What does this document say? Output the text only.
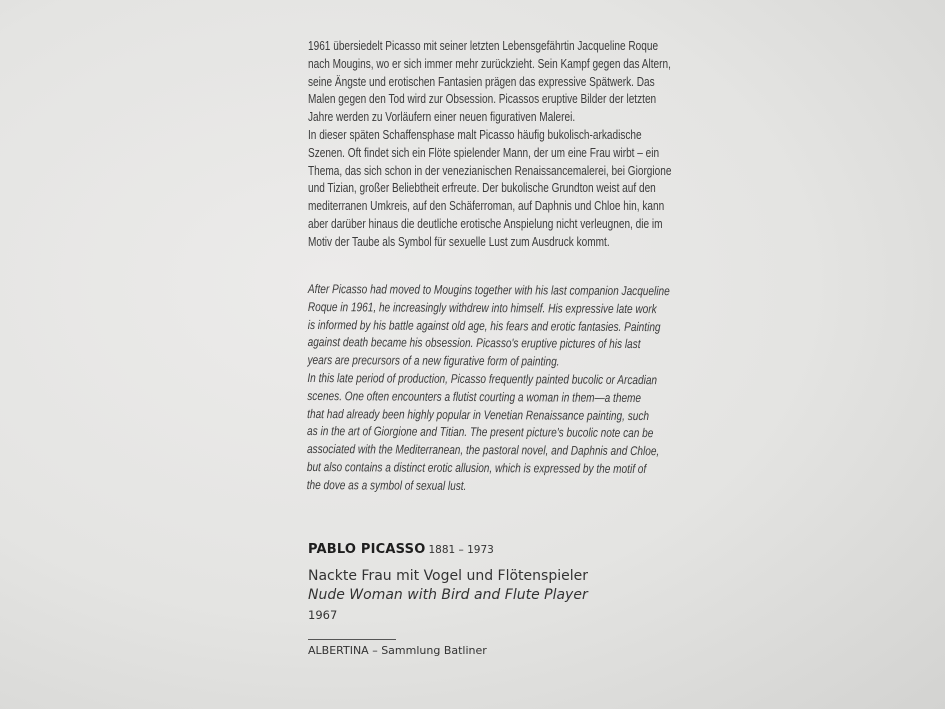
1961 übersiedelt Picasso mit seiner letzten Lebensgefährtin Jacqueline Roque
nach Mougins, wo er sich immer mehr zurückzieht. Sein Kampf gegen das Altern,
seine Ängste und erotischen Fantasien prägen das expressive Spätwerk. Das
Malen gegen den Tod wird zur Obsession. Picassos eruptive Bilder der letzten
Jahre werden zu Vorläufern einer neuen figurativen Malerei.
In dieser späten Schaffensphase malt Picasso häufig bukolisch-arkadische
Szenen. Oft findet sich ein Flöte spielender Mann, der um eine Frau wirbt – ein
Thema, das sich schon in der venezianischen Renaissancemalerei, bei Giorgione
und Tizian, großer Beliebtheit erfreute. Der bukolische Grundton weist auf den
mediterranen Umkreis, auf den Schäferroman, auf Daphnis und Chloe hin, kann
aber darüber hinaus die deutliche erotische Anspielung nicht verleugnen, die im
Motiv der Taube als Symbol für sexuelle Lust zum Ausdruck kommt.
After Picasso had moved to Mougins together with his last companion Jacqueline
Roque in 1961, he increasingly withdrew into himself. His expressive late work
is informed by his battle against old age, his fears and erotic fantasies. Painting
against death became his obsession. Picasso's eruptive pictures of his last
years are precursors of a new figurative form of painting.
In this late period of production, Picasso frequently painted bucolic or Arcadian
scenes. One often encounters a flutist courting a woman in them—a theme
that had already been highly popular in Venetian Renaissance painting, such
as in the art of Giorgione and Titian. The present picture's bucolic note can be
associated with the Mediterranean, the pastoral novel, and Daphnis and Chloe,
but also contains a distinct erotic allusion, which is expressed by the motif of
the dove as a symbol of sexual lust.
PABLO PICASSO 1881 – 1973
Nackte Frau mit Vogel und Flötenspieler
Nude Woman with Bird and Flute Player
1967
ALBERTINA – Sammlung Batliner
